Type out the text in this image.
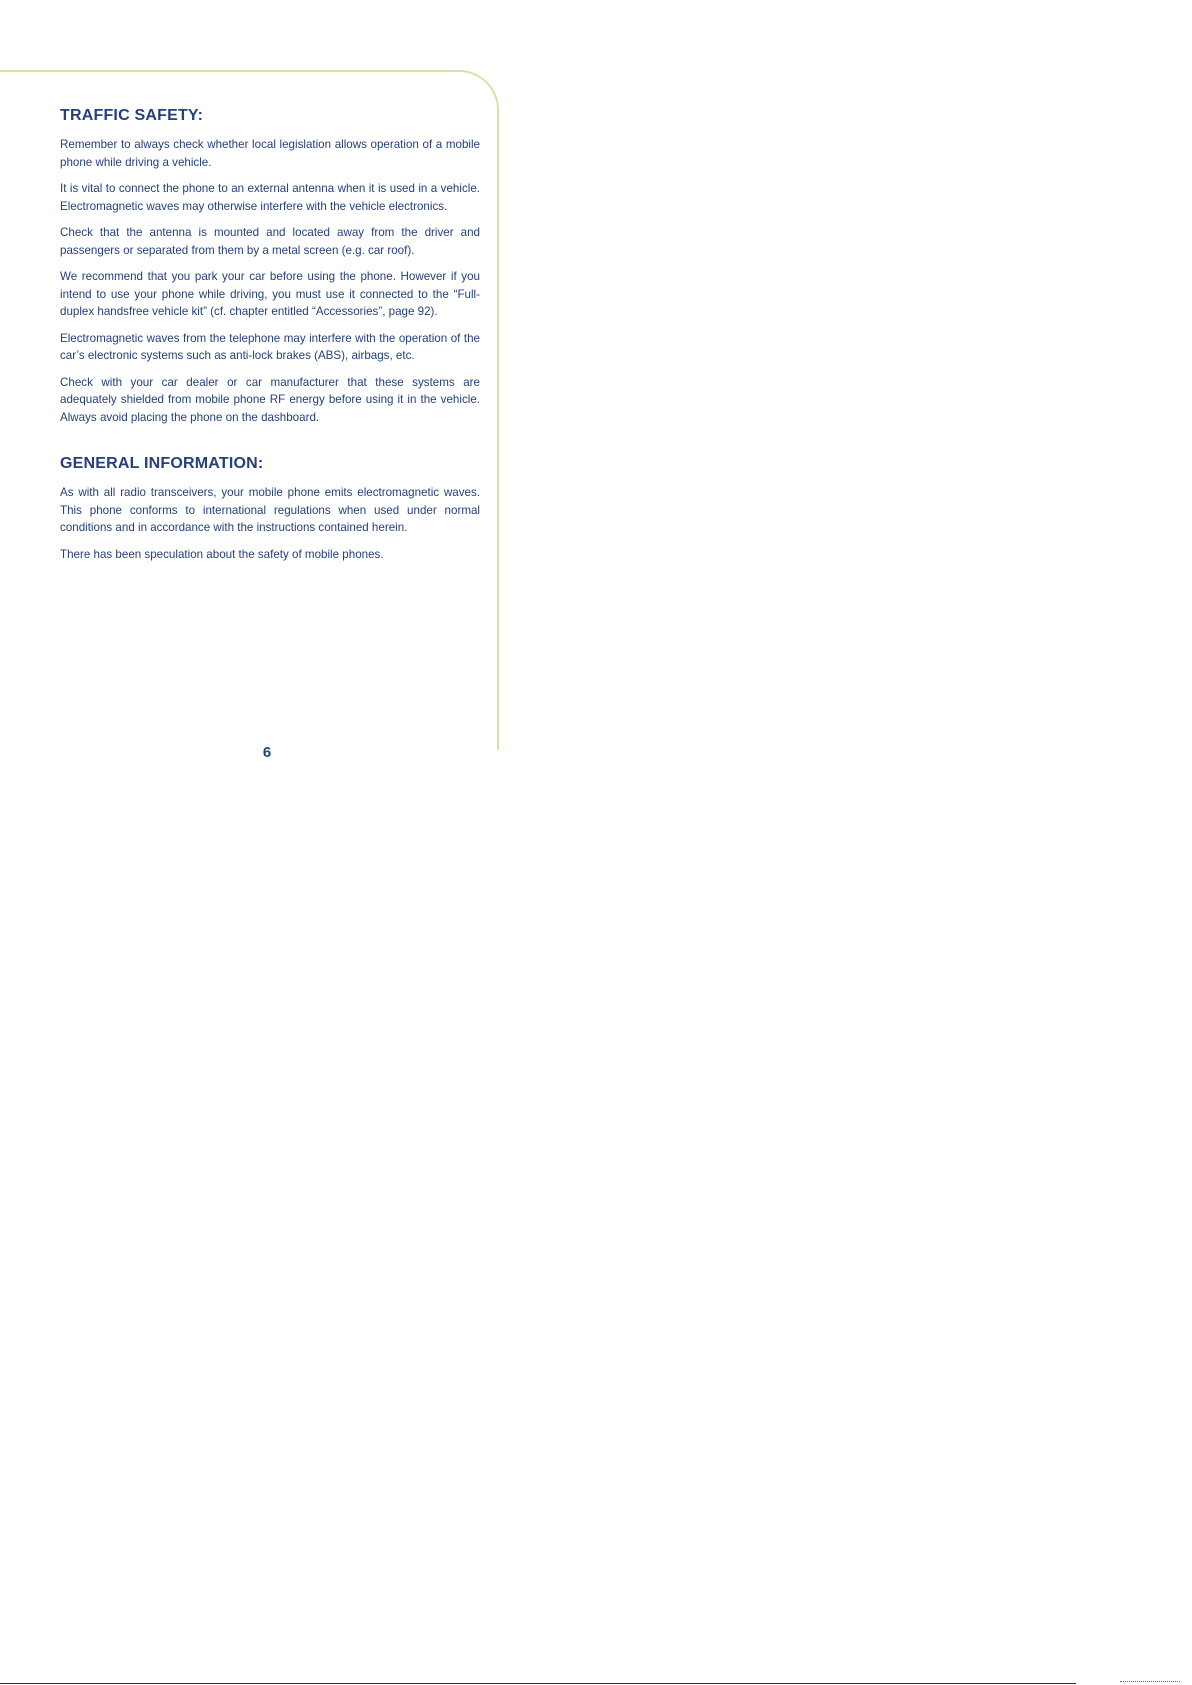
TRAFFIC SAFETY:

Remember to always check whether local legislation allows operation of a mobile phone while driving a vehicle.

It is vital to connect the phone to an external antenna when it is used in a vehicle. Electromagnetic waves may otherwise interfere with the vehicle electronics.

Check that the antenna is mounted and located away from the driver and passengers or separated from them by a metal screen (e.g. car roof).

We recommend that you park your car before using the phone. However if you intend to use your phone while driving, you must use it connected to the “Full-duplex handsfree vehicle kit” (cf. chapter entitled “Accessories”, page 92).

Electromagnetic waves from the telephone may interfere with the operation of the car’s electronic systems such as anti-lock brakes (ABS), airbags, etc.

Check with your car dealer or car manufacturer that these systems are adequately shielded from mobile phone RF energy before using it in the vehicle. Always avoid placing the phone on the dashboard.

GENERAL INFORMATION:

As with all radio transceivers, your mobile phone emits electromagnetic waves. This phone conforms to international regulations when used under normal conditions and in accordance with the instructions contained herein.

There has been speculation about the safety of mobile phones.

6
